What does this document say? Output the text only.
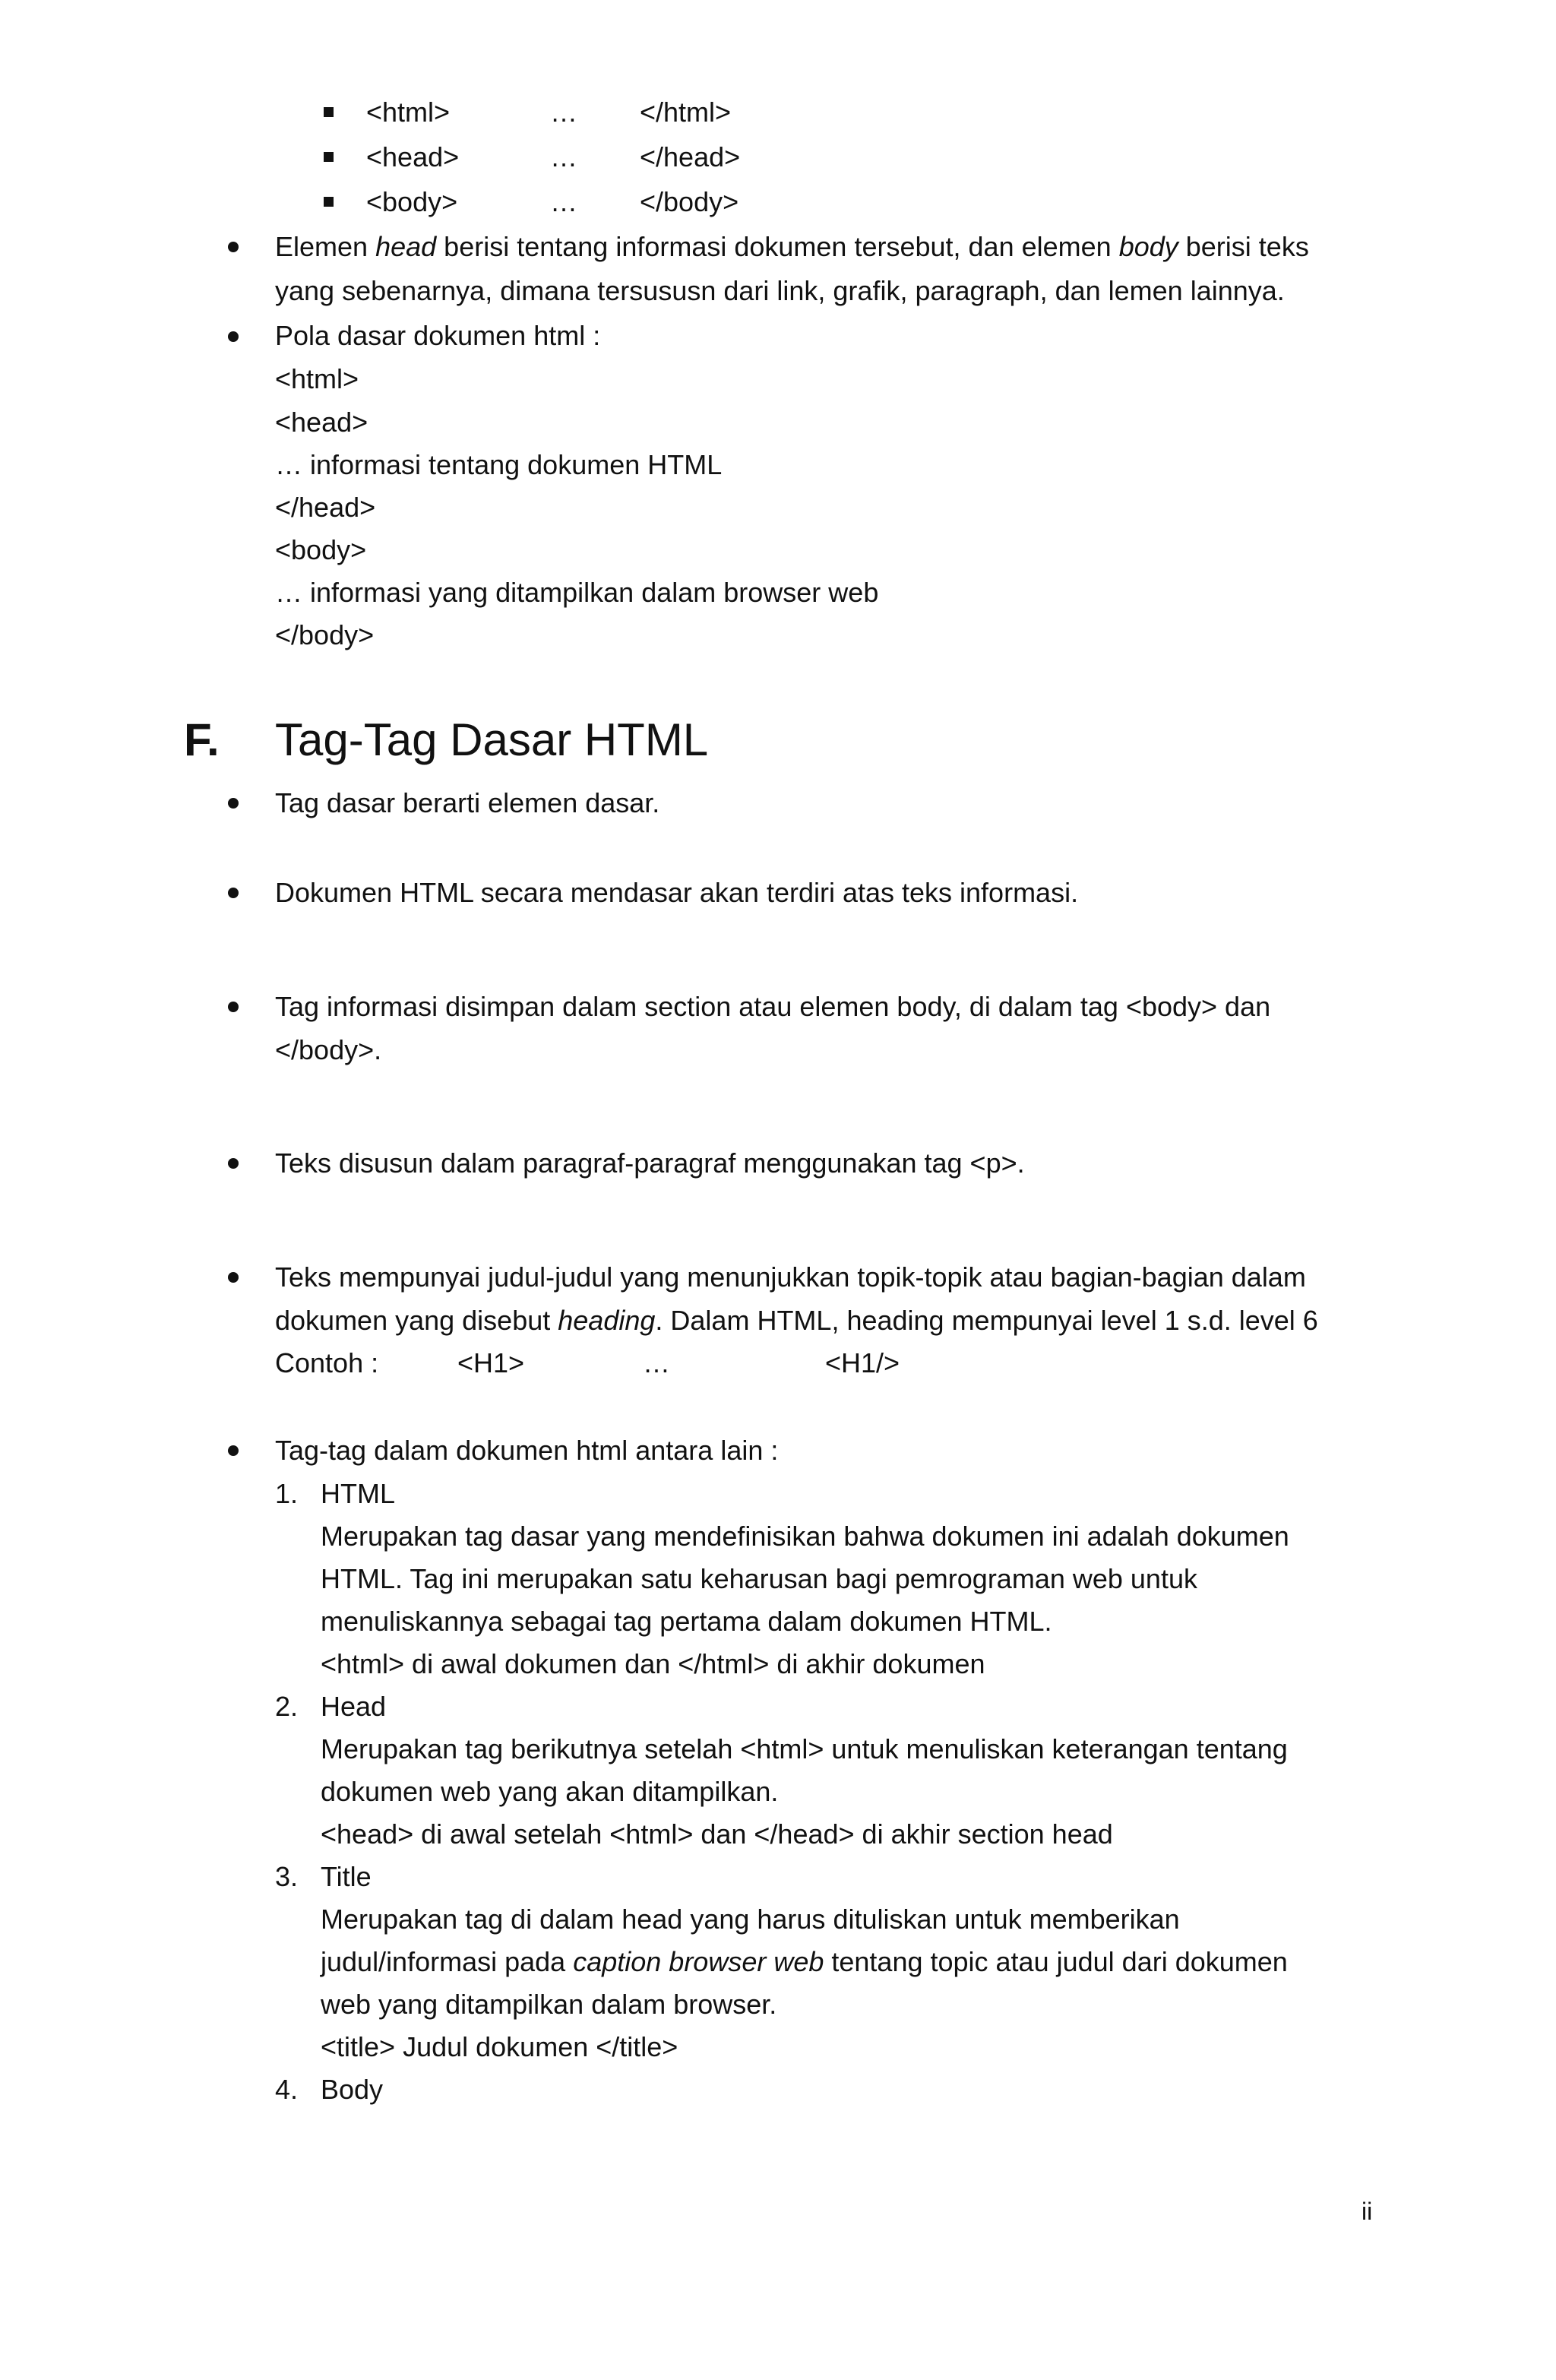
<html>	… </html>
<head>	… </head>
<body>	… </body>
Elemen head berisi tentang informasi dokumen tersebut, dan elemen body berisi teks
yang sebenarnya, dimana tersususn dari link, grafik, paragraph, dan lemen lainnya.
Pola dasar dokumen html :
<html>
<head>
… informasi tentang dokumen HTML
</head>
<body>
… informasi yang ditampilkan dalam browser web
</body>
F. Tag-Tag Dasar HTML
Tag dasar berarti elemen dasar.
Dokumen HTML secara mendasar akan terdiri atas teks informasi.
Tag informasi disimpan dalam section atau elemen body, di dalam tag <body> dan
</body>.
Teks disusun dalam paragraf-paragraf menggunakan tag <p>.
Teks mempunyai judul-judul yang menunjukkan topik-topik atau bagian-bagian dalam
dokumen yang disebut heading. Dalam HTML, heading mempunyai level 1 s.d. level 6
Contoh :	<H1>	…	<H1/>
Tag-tag dalam dokumen html antara lain :
1. HTML
Merupakan tag dasar yang mendefinisikan bahwa dokumen ini adalah dokumen
HTML. Tag ini merupakan satu keharusan bagi pemrograman web untuk
menuliskannya sebagai tag pertama dalam dokumen HTML.
<html> di awal dokumen dan </html> di akhir dokumen
2. Head
Merupakan tag berikutnya setelah <html> untuk menuliskan keterangan tentang
dokumen web yang akan ditampilkan.
<head> di awal setelah <html> dan </head> di akhir section head
3. Title
Merupakan tag di dalam head yang harus dituliskan untuk memberikan
judul/informasi pada caption browser web tentang topic atau judul dari dokumen
web yang ditampilkan dalam browser.
<title> Judul dokumen </title>
4. Body
ii
